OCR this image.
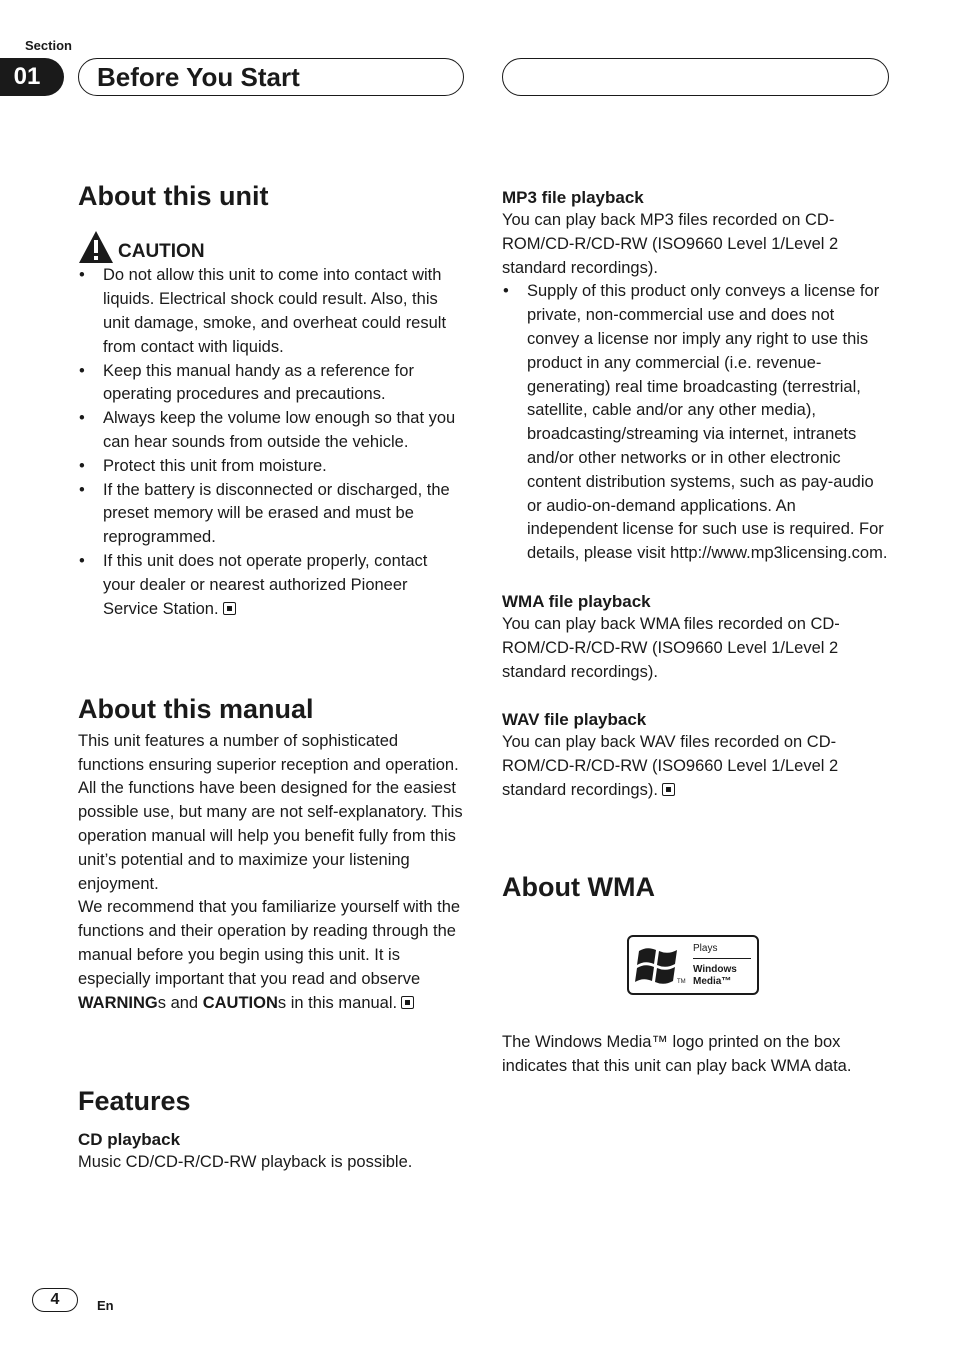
Section
01	Before You Start
About this unit
CAUTION
• Do not allow this unit to come into contact with liquids. Electrical shock could result. Also, this unit damage, smoke, and overheat could result from contact with liquids.
• Keep this manual handy as a reference for operating procedures and precautions.
• Always keep the volume low enough so that you can hear sounds from outside the vehicle.
• Protect this unit from moisture.
• If the battery is disconnected or discharged, the preset memory will be erased and must be reprogrammed.
• If this unit does not operate properly, contact your dealer or nearest authorized Pioneer Service Station.
About this manual

This unit features a number of sophisticated functions ensuring superior reception and operation. All the functions have been designed for the easiest possible use, but many are not self-explanatory. This operation manual will help you benefit fully from this unit’s potential and to maximize your listening enjoyment.

We recommend that you familiarize yourself with the functions and their operation by reading through the manual before you begin using this unit. It is especially important that you read and observe WARNINGs and CAUTIONs in this manual.

Features
CD playback

Music CD/CD-R/CD-RW playback is possible.

MP3 file playback

You can play back MP3 files recorded on CD-ROM/CD-R/CD-RW (ISO9660 Level 1/Level 2 standard recordings).

• Supply of this product only conveys a license for private, non-commercial use and does not convey a license nor imply any right to use this product in any commercial (i.e. revenue-generating) real time broadcasting (terrestrial, satellite, cable and/or any other media), broadcasting/streaming via internet, intranets and/or other networks or in other electronic content distribution systems, such as pay-audio or audio-on-demand applications. An independent license for such use is required. For details, please visit http://www.mp3licensing.com.
WMA file playback

You can play back WMA files recorded on CD-ROM/CD-R/CD-RW (ISO9660 Level 1/Level 2 standard recordings).

WAV file playback

You can play back WAV files recorded on CD-ROM/CD-R/CD-RW (ISO9660 Level 1/Level 2 standard recordings).

About WMA
TM
Plays
Windows
Media™

The Windows Media™ logo printed on the box indicates that this unit can play back WMA data.

4	En
